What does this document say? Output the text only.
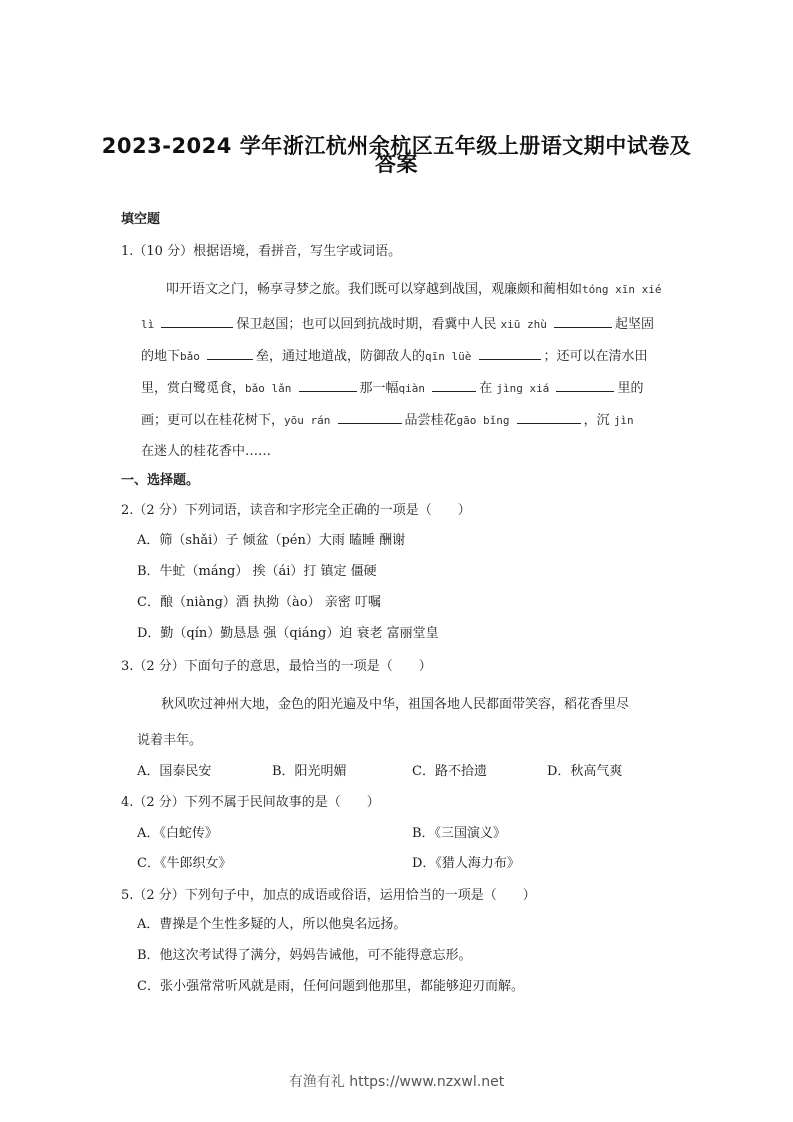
2023-2024 学年浙江杭州余杭区五年级上册语文期中试卷及
答案
填空题
1.（10 分）根据语境，看拼音，写生字或词语。
叩开语文之门，畅享寻梦之旅。我们既可以穿越到战国，观廉颇和蔺相如tóng xīn xié
lì	保卫赵国；也可以回到抗战时期，看冀中人民 xiū zhù	起坚固
的地下bǎo	垒，通过地道战，防御敌人的qīn lüè	；还可以在清水田
里，赏白鹭觅食，bǎo lǎn	那一幅qiàn	在 jìng xiá	里的
画；更可以在桂花树下，yōu rán	品尝桂花gāo bǐng	，沉 jìn
在迷人的桂花香中……
一、选择题。
2.（2 分）下列词语，读音和字形完全正确的一项是（　　）
A．筛（shǎi）子 倾盆（pén）大雨 瞌睡 酬谢
B．牛虻（máng） 挨（ái）打 镇定 僵硬
C．酿（niàng）酒 执拗（ào） 亲密 叮嘱
D．勤（qín）勤恳恳 强（qiáng）迫 衰老 富丽堂皇
3.（2 分）下面句子的意思，最恰当的一项是（　　）
秋风吹过神州大地，金色的阳光遍及中华，祖国各地人民都面带笑容，稻花香里尽
说着丰年。
A．国泰民安	B．阳光明媚	C．路不拾遗	D．秋高气爽
4.（2 分）下列不属于民间故事的是（　　）
A．《白蛇传》	B．《三国演义》
C．《牛郎织女》	D．《猎人海力布》
5.（2 分）下列句子中，加点的成语或俗语，运用恰当的一项是（　　）
A．曹操是个生性多疑的人，所以他臭名远扬。
B．他这次考试得了满分，妈妈告诫他，可不能得意忘形。
C．张小强常常听风就是雨，任何问题到他那里，都能够迎刃而解。
有渔有礼 https://www.nzxwl.net
